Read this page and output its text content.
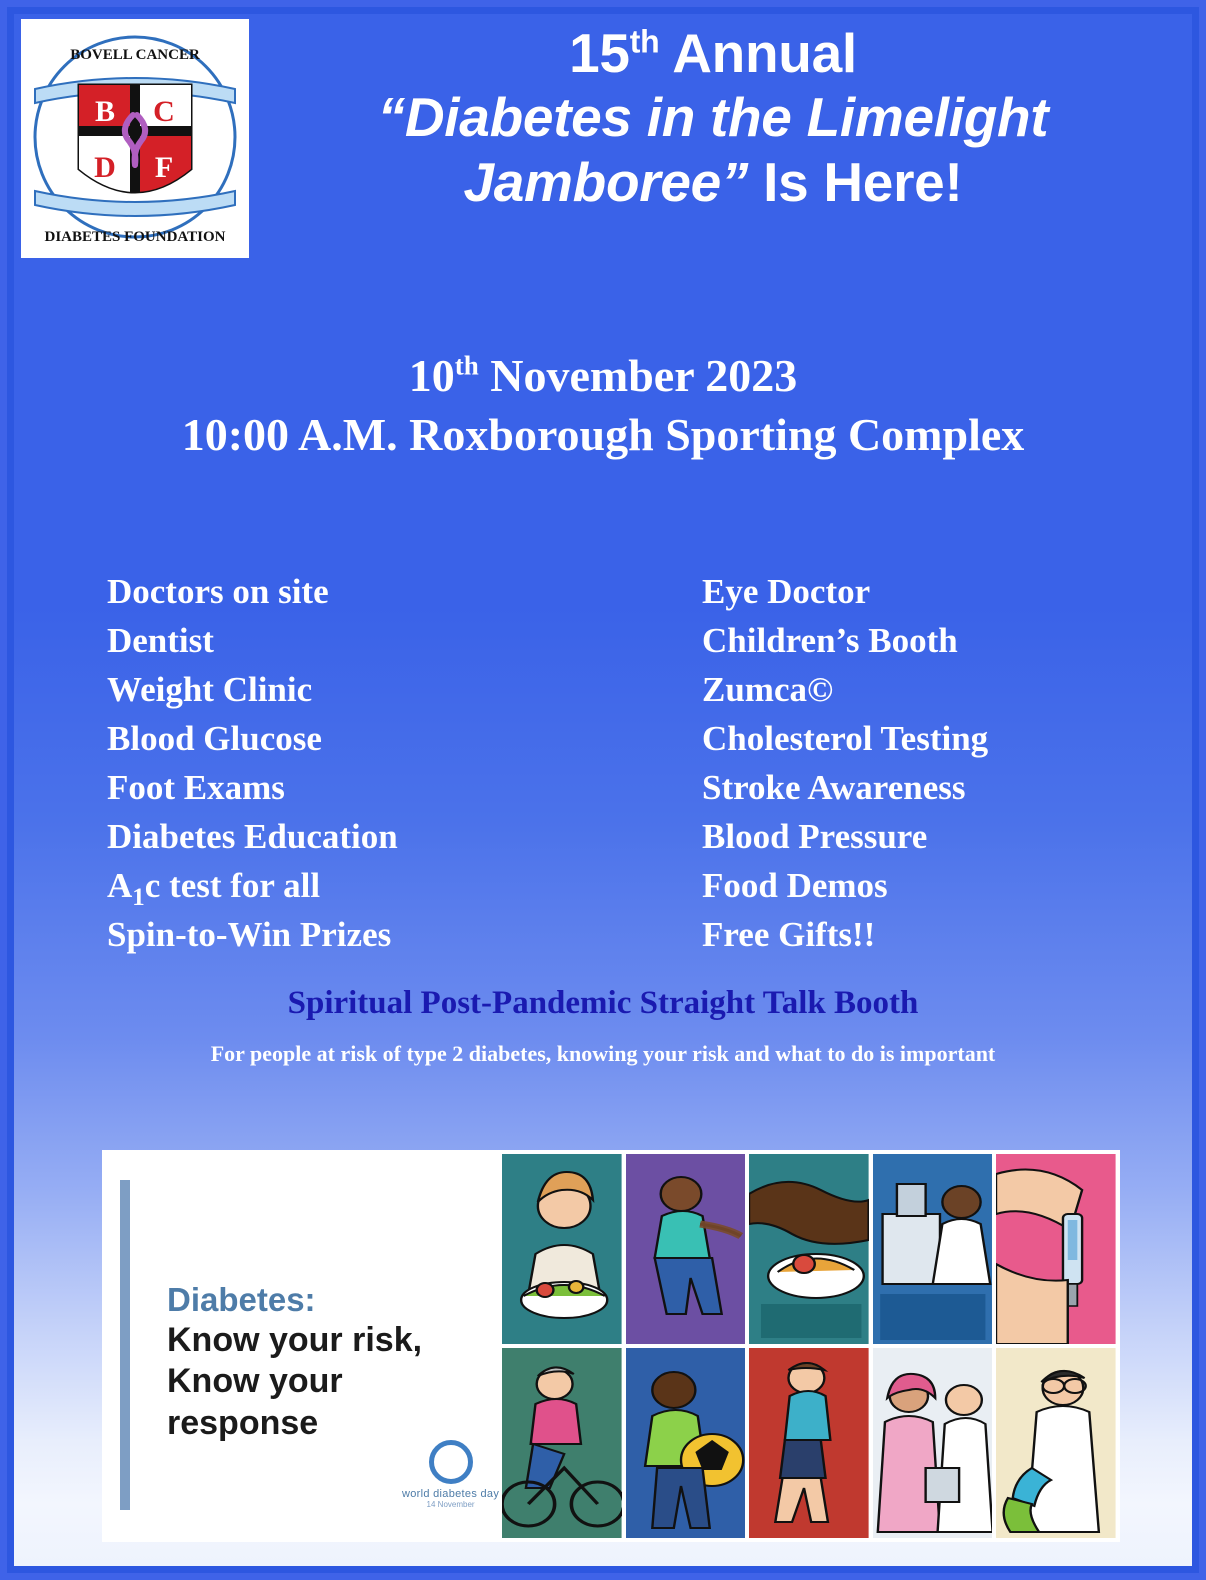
B C
D F
BOVELL CANCER
DIABETES FOUNDATION
15th Annual
“Diabetes in the Limelight
Jamboree” Is Here!
10th November 2023
10:00 A.M. Roxborough Sporting Complex
Doctors on site
Dentist
Weight Clinic
Blood Glucose
Foot Exams
Diabetes Education
$A_1c$ test for all
Spin-to-Win Prizes
Eye Doctor
Children’s Booth
Zumca©
Cholesterol Testing
Stroke Awareness
Blood Pressure
Food Demos
Free Gifts!!
Spiritual Post-Pandemic Straight Talk Booth
For people at risk of type 2 diabetes, knowing your risk and what to do is important
Diabetes:
Know your risk,
Know your response
world diabetes day
14 November
